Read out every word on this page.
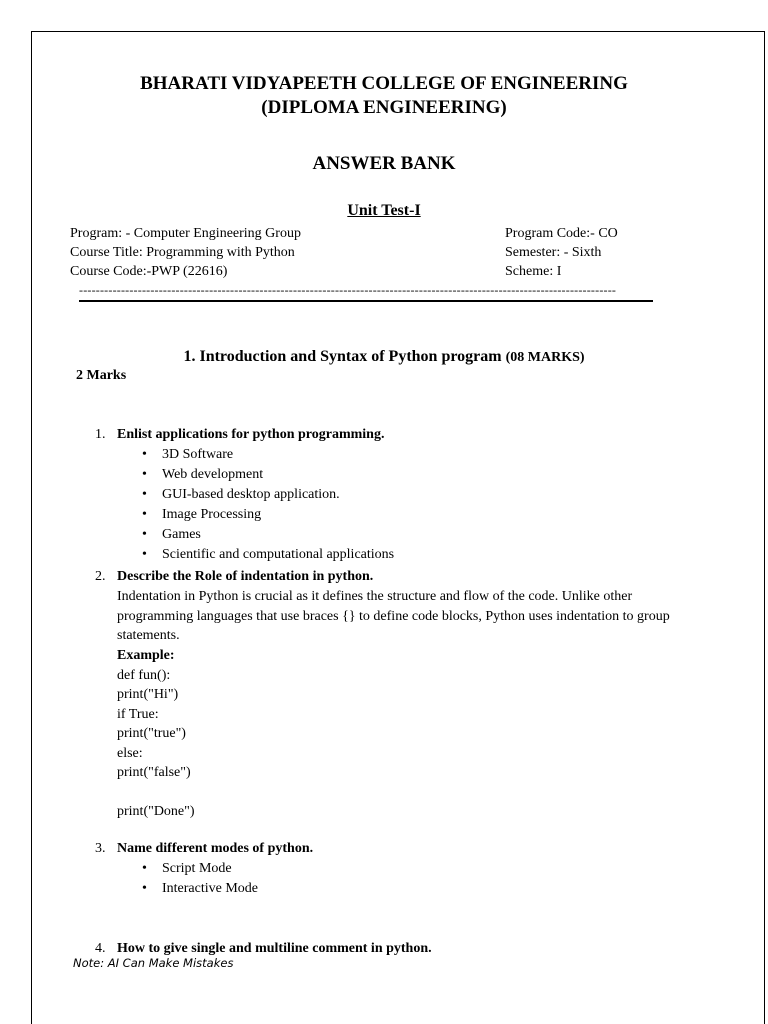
BHARATI VIDYAPEETH COLLEGE OF ENGINEERING
(DIPLOMA ENGINEERING)
ANSWER BANK
Unit Test-I
Program: - Computer Engineering Group
Course Title: Programming with Python
Course Code:-PWP (22616)
Program Code:- CO
Semester: - Sixth
Scheme: I
--------------------------------------------------------------------------------------------------------------------------------
1. Introduction and Syntax of Python program (08 MARKS)
2 Marks
1. Enlist applications for python programming.
• 3D Software
• Web development
• GUI-based desktop application.
• Image Processing
• Games
• Scientific and computational applications
2. Describe the Role of indentation in python.
Indentation in Python is crucial as it defines the structure and flow of the code. Unlike other programming languages that use braces {} to define code blocks, Python uses indentation to group statements.
Example:
def fun():
print("Hi")
if True:
print("true")
else:
print("false")

print("Done")
3. Name different modes of python.
• Script Mode
• Interactive Mode
4. How to give single and multiline comment in python.
Note: AI Can Make Mistakes
